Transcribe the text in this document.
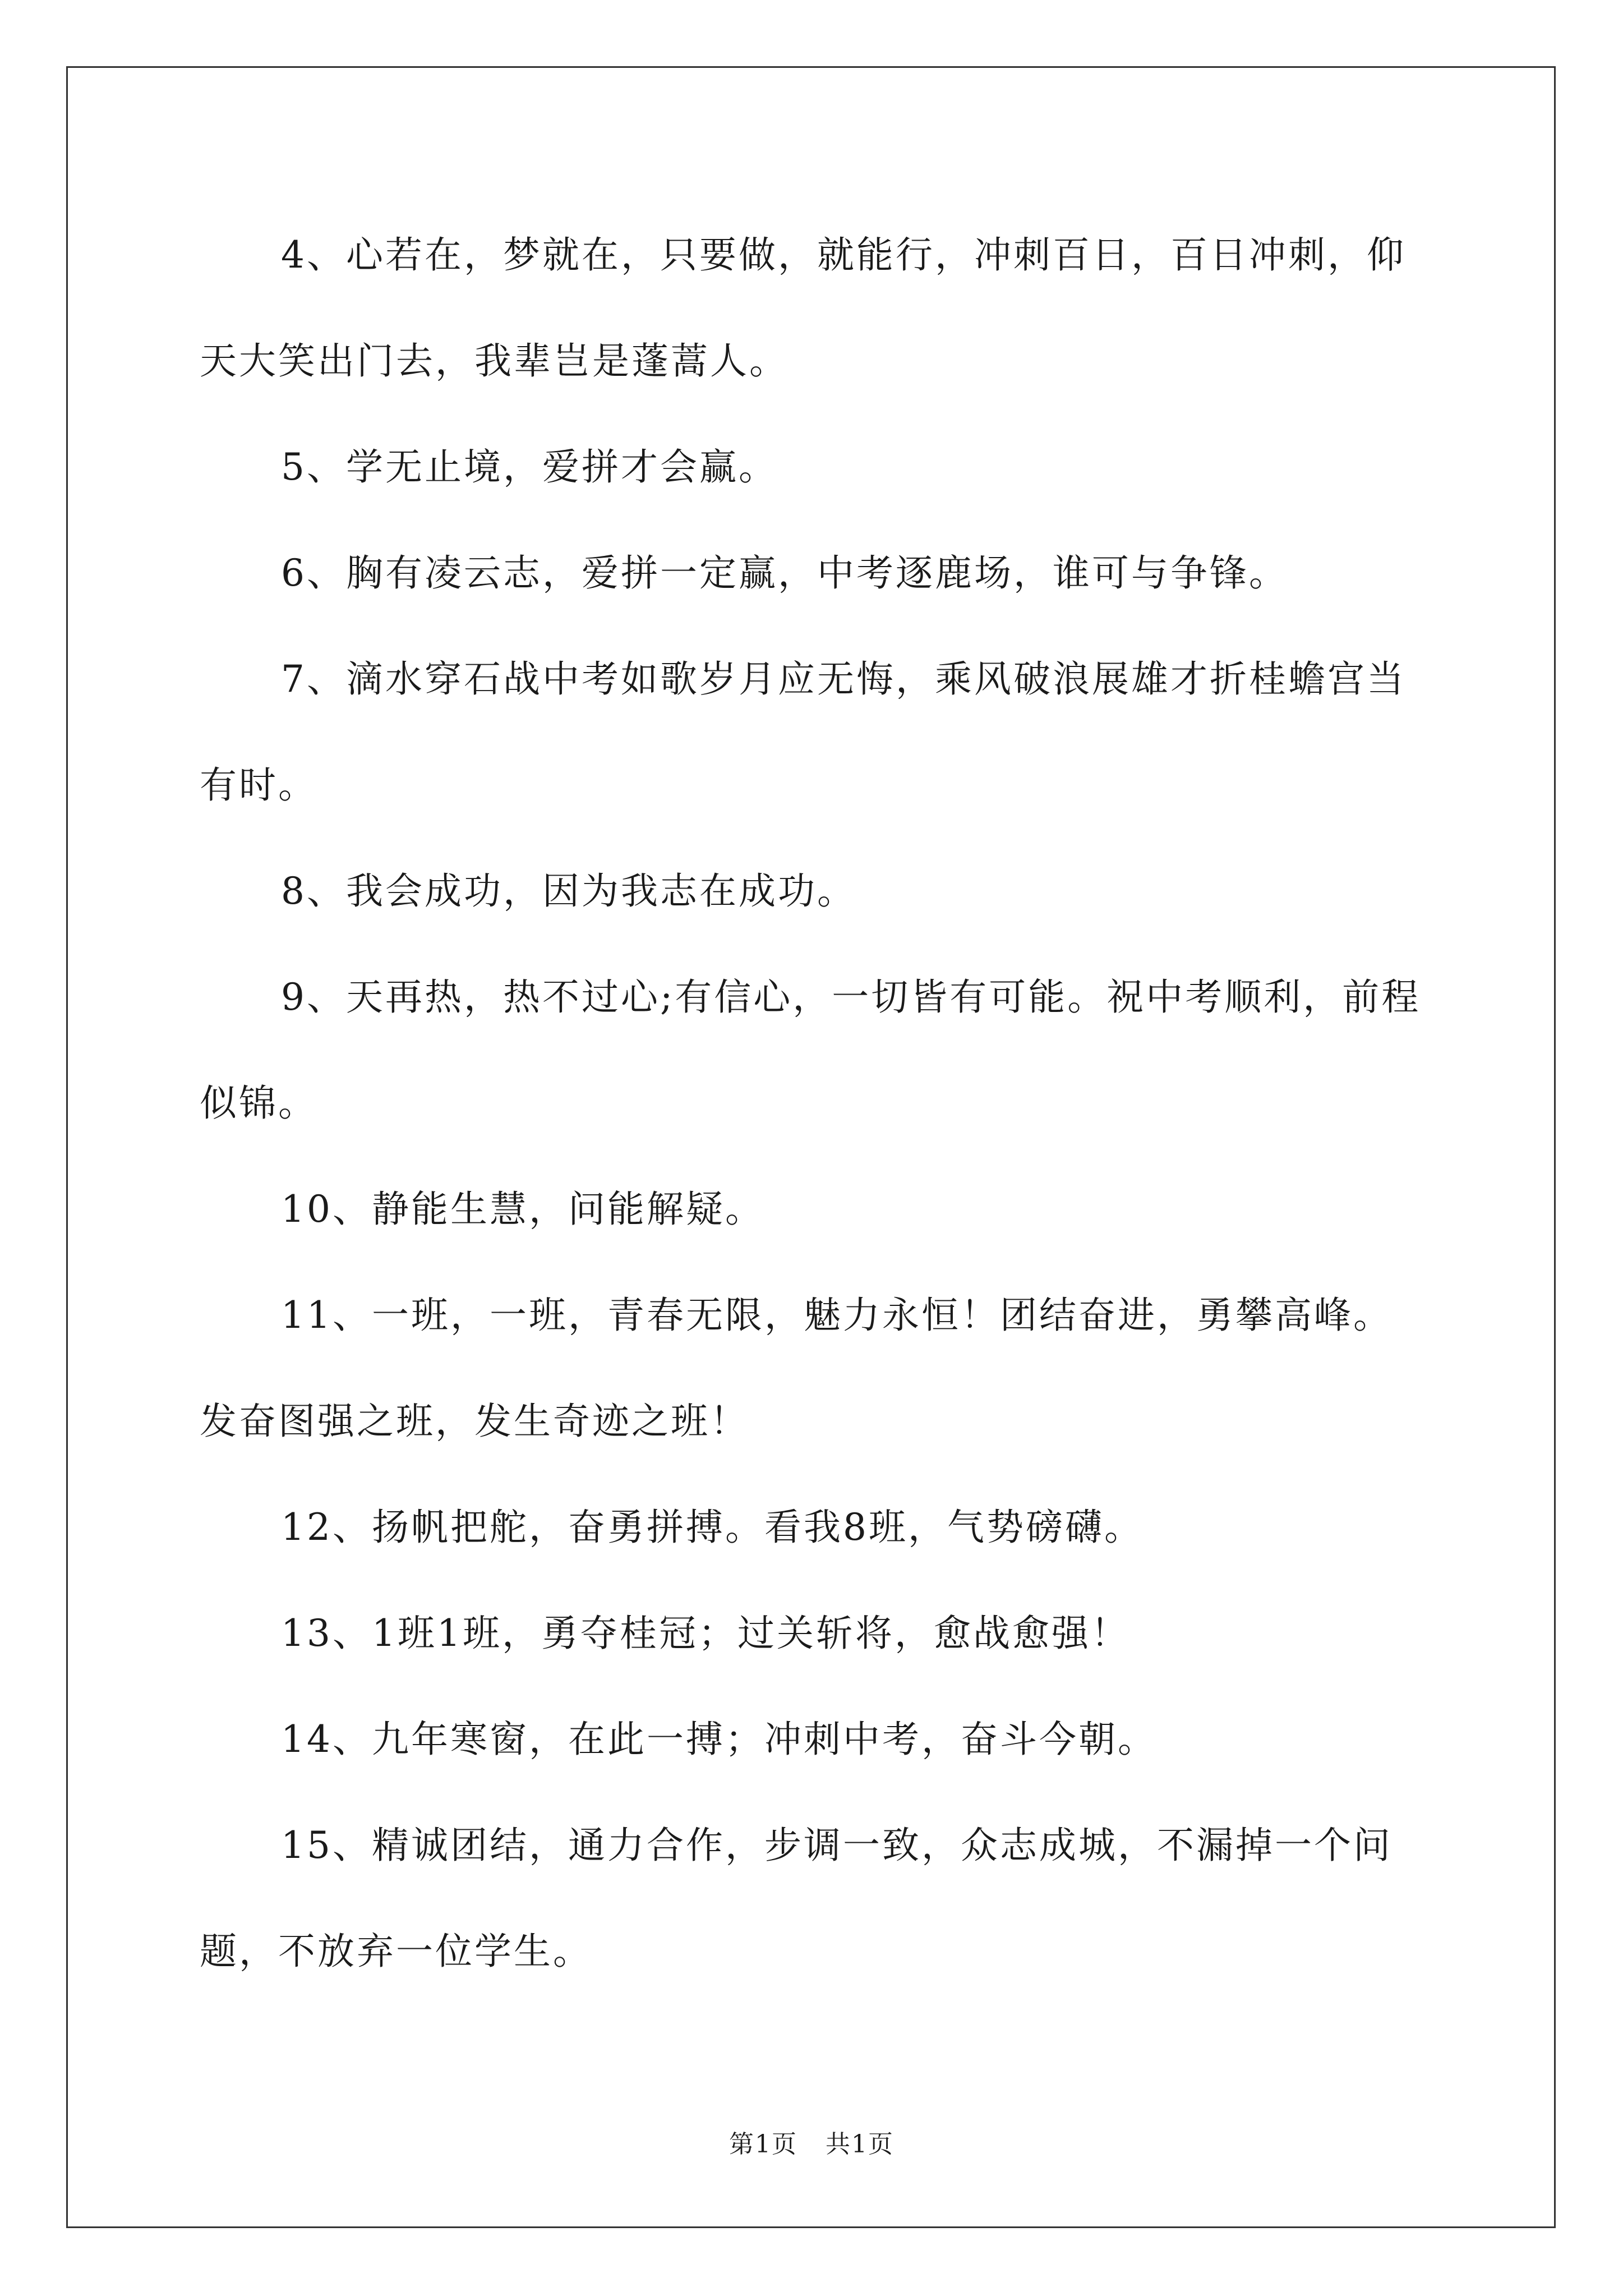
4、心若在，梦就在，只要做，就能行，冲刺百日，百日冲刺，仰天大笑出门去，我辈岂是蓬蒿人。

5、学无止境，爱拼才会赢。

6、胸有凌云志，爱拼一定赢，中考逐鹿场，谁可与争锋。

7、滴水穿石战中考如歌岁月应无悔，乘风破浪展雄才折桂蟾宫当有时。

8、我会成功，因为我志在成功。

9、天再热，热不过心;有信心，一切皆有可能。祝中考顺利，前程似锦。

10、静能生慧，问能解疑。

11、一班，一班，青春无限，魅力永恒！团结奋进，勇攀高峰。发奋图强之班，发生奇迹之班！

12、扬帆把舵，奋勇拼搏。看我8班，气势磅礴。

13、1班1班，勇夺桂冠；过关斩将，愈战愈强！

14、九年寒窗，在此一搏；冲刺中考，奋斗今朝。

15、精诚团结，通力合作，步调一致，众志成城，不漏掉一个问题，不放弃一位学生。

第1页 共1页
